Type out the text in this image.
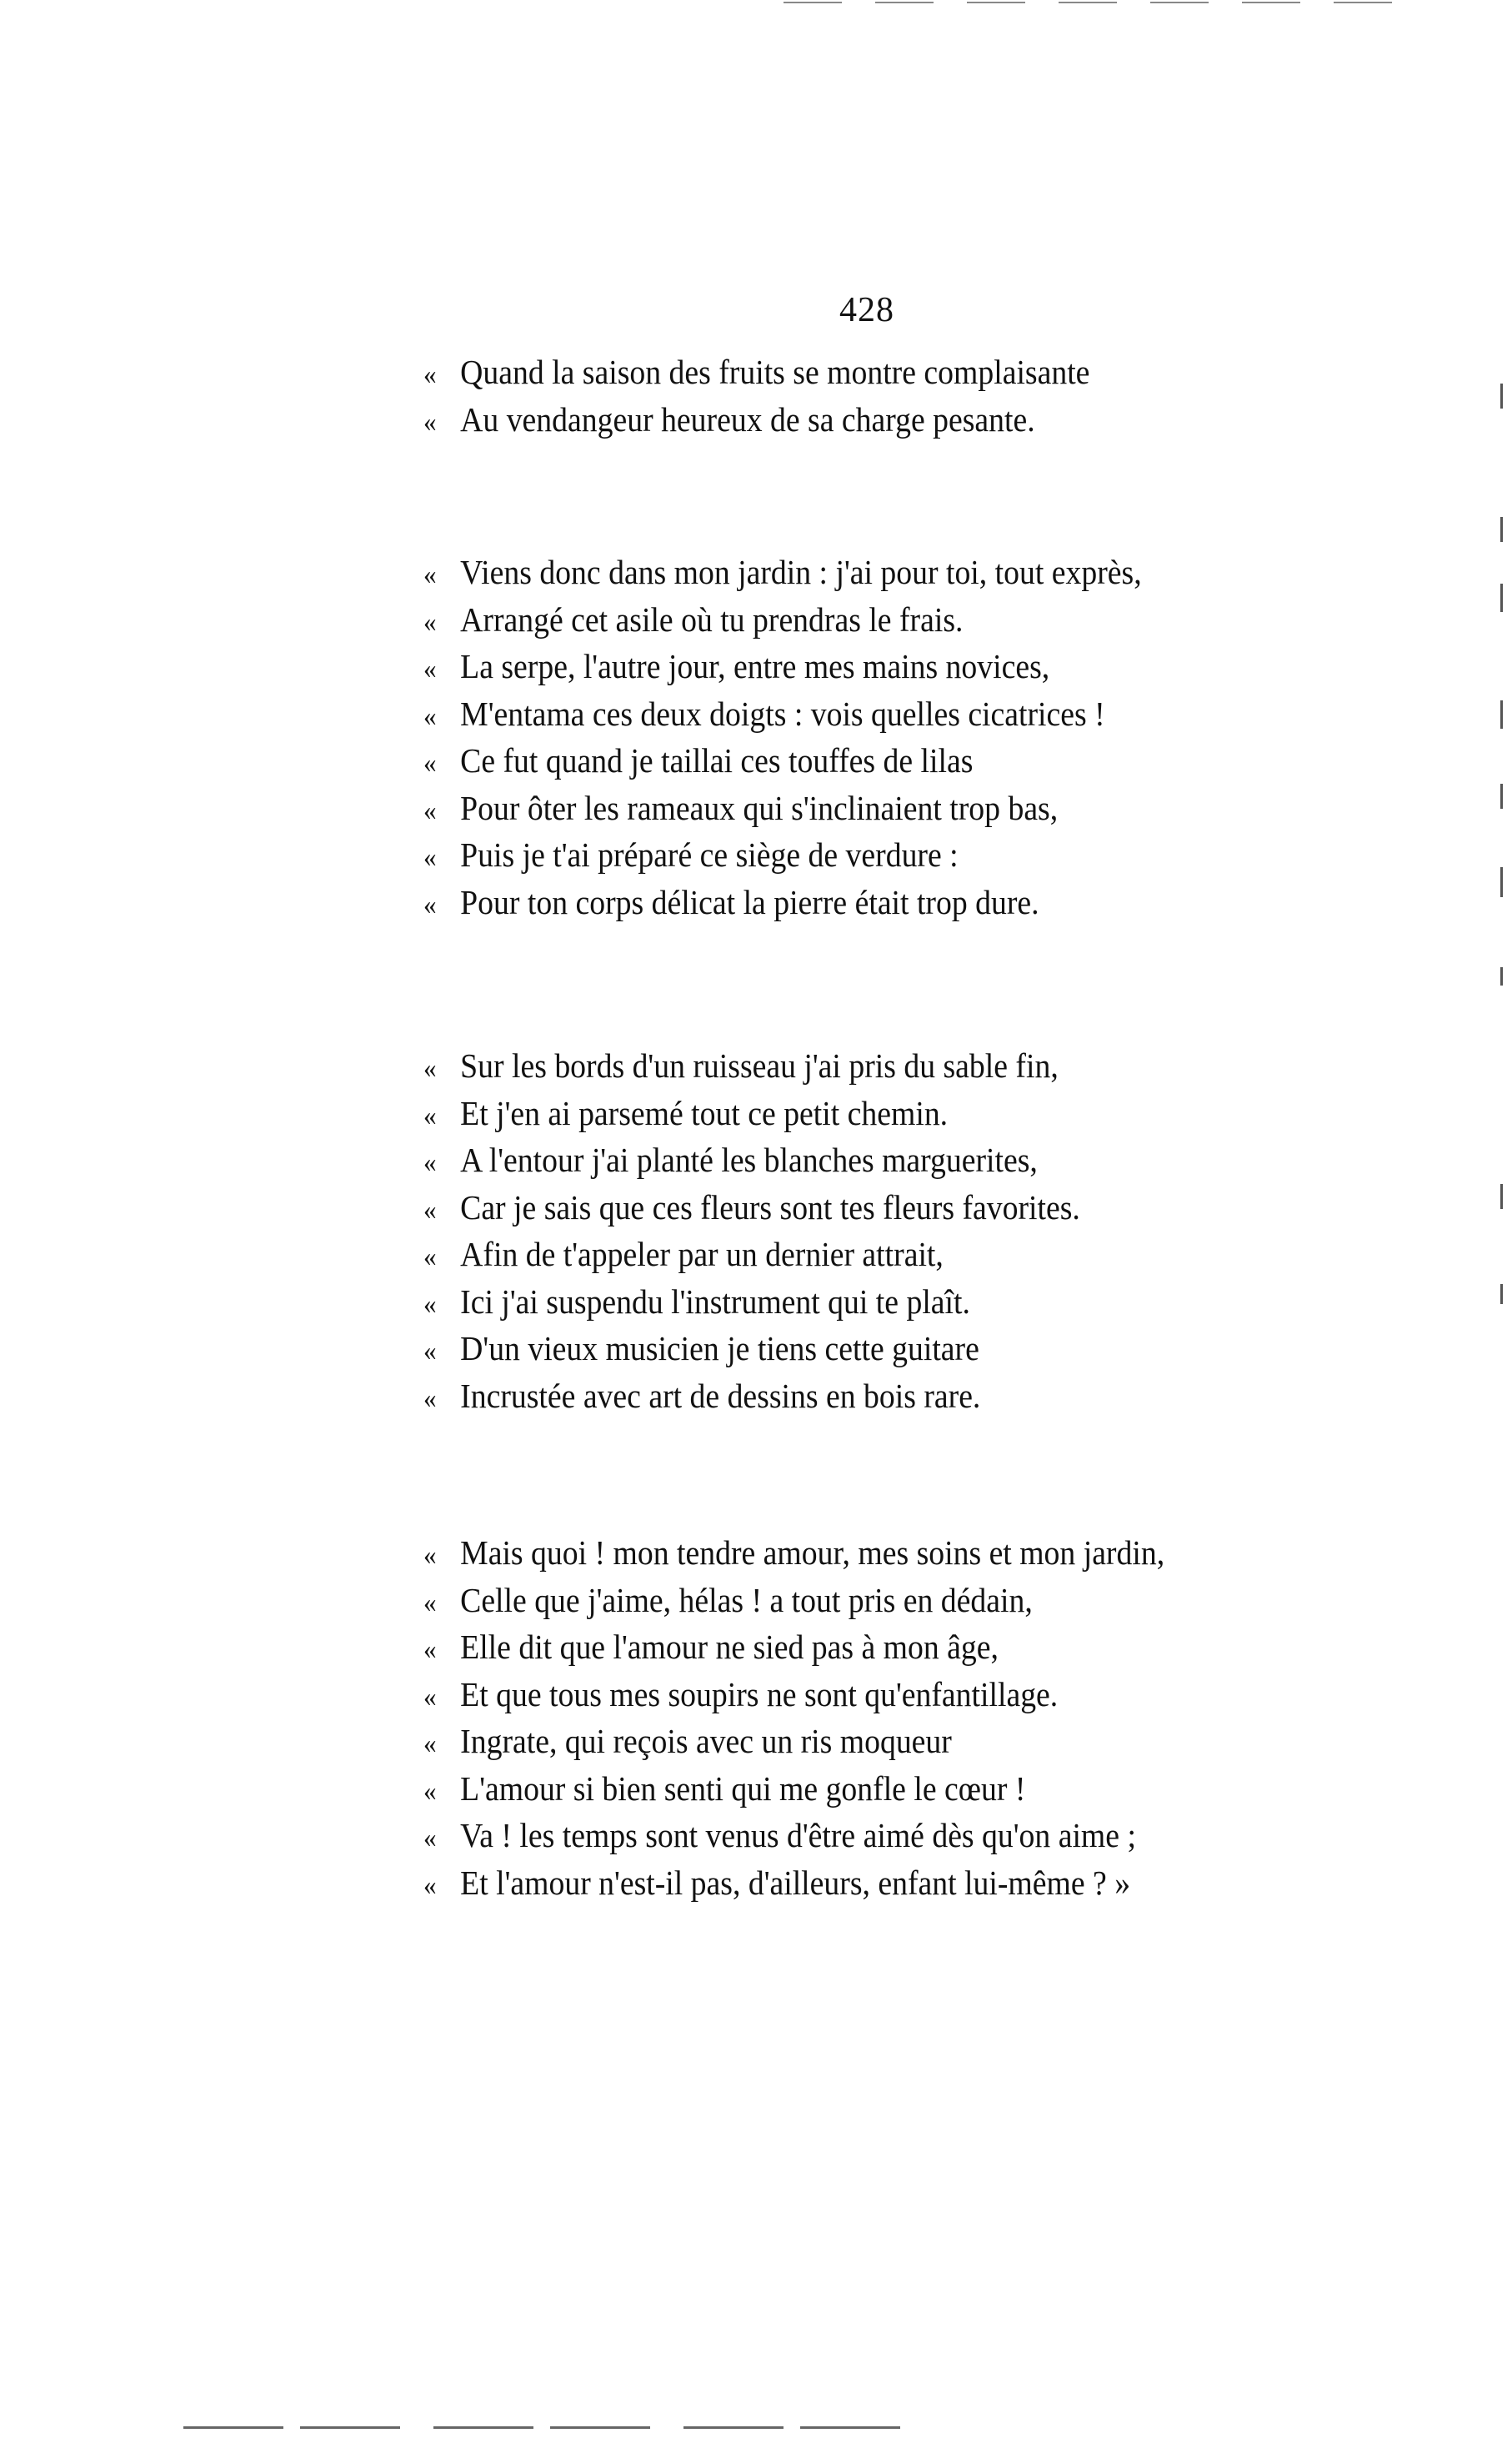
428
« Quand la saison des fruits se montre complaisante
« Au vendangeur heureux de sa charge pesante.
« Viens donc dans mon jardin : j'ai pour toi, tout exprès,
« Arrangé cet asile où tu prendras le frais.
« La serpe, l'autre jour, entre mes mains novices,
« M'entama ces deux doigts : vois quelles cicatrices !
« Ce fut quand je taillai ces touffes de lilas
« Pour ôter les rameaux qui s'inclinaient trop bas,
« Puis je t'ai préparé ce siège de verdure :
« Pour ton corps délicat la pierre était trop dure.
« Sur les bords d'un ruisseau j'ai pris du sable fin,
« Et j'en ai parsemé tout ce petit chemin.
« A l'entour j'ai planté les blanches marguerites,
« Car je sais que ces fleurs sont tes fleurs favorites.
« Afin de t'appeler par un dernier attrait,
« Ici j'ai suspendu l'instrument qui te plaît.
« D'un vieux musicien je tiens cette guitare
« Incrustée avec art de dessins en bois rare.
« Mais quoi ! mon tendre amour, mes soins et mon jardin,
« Celle que j'aime, hélas ! a tout pris en dédain,
« Elle dit que l'amour ne sied pas à mon âge,
« Et que tous mes soupirs ne sont qu'enfantillage.
« Ingrate, qui reçois avec un ris moqueur
« L'amour si bien senti qui me gonfle le cœur !
« Va ! les temps sont venus d'être aimé dès qu'on aime ;
« Et l'amour n'est-il pas, d'ailleurs, enfant lui-même ? »
